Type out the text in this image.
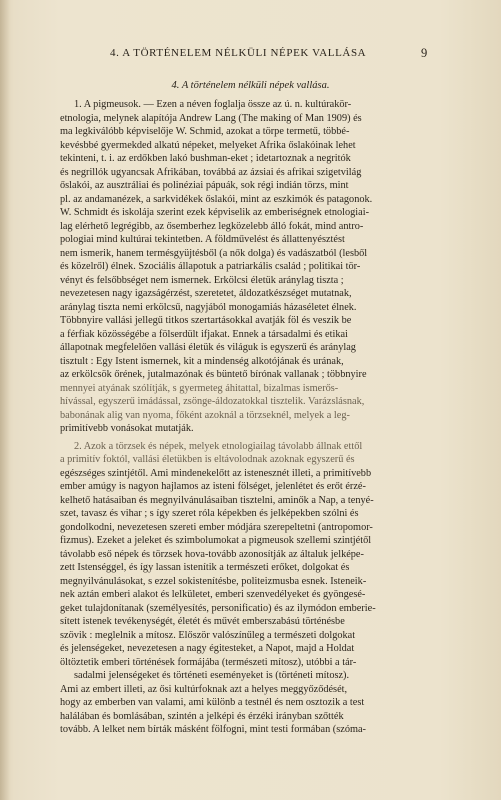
4. A TÖRTÉNELEM NÉLKÜLI NÉPEK VALLÁSA	9
4. A történelem nélküli népek vallása.
1. A pigmeusok. — Ezen a néven foglalja össze az ú. n. kultúrakör-
etnologia, melynek alapítója Andrew Lang (The making of Man 1909) és
ma legkiválóbb képviselője W. Schmid, azokat a törpe termetű, többé-
kevésbbé gyermekded alkatú népeket, melyeket Afrika őslakóinak lehet
tekinteni, t. i. az erdőkben lakó bushman-eket ; idetartoznak a negritók
és negrillók ugyancsak Afrikában, továbbá az ázsiai és afrikai szigetvilág
őslakói, az ausztráliai és polinéziai pápuák, sok régi indián törzs, mint
pl. az andamanézek, a sarkvidékek őslakói, mint az eszkimók és patagonok.
W. Schmidt és iskolája szerint ezek képviselik az emberiségnek etnologiai-
lag elérhető legrégibb, az ősemberhez legközelebb álló fokát, mind antro-
pologiai mind kultúrai tekintetben. A földművelést és állattenyésztést
nem ismerik, hanem termésgyüjtésből (a nők dolga) és vadászatból (lesből
és közelről) élnek. Szociális állapotuk a patriarkális család ; politikai tör-
vényt és felsőbbséget nem ismernek. Erkölcsi életük aránylag tiszta ;
nevezetesen nagy igazságérzést, szeretetet, áldozatkészséget mutatnak,
aránylag tiszta nemi erkölcsű, nagyjából monogamiás házaséletet élnek.
Többnyire vallási jellegű titkos szertartásokkal avatják föl és veszik be
a férfiak közösségébe a fölserdült ifjakat. Ennek a társadalmi és etikai
állapotnak megfelelően vallási életük és világuk is egyszerű és aránylag
tisztult : Egy Istent ismernek, kit a mindenség alkotójának és urának,
az erkölcsök őrének, jutalmazónak és büntető bírónak vallanak ; többnyire
mennyei atyának szólítják, s gyermeteg áhitattal, bizalmas ismerős-
hívással, egyszerű imádással, zsönge-áldozatokkal tisztelik. Varázslásnak,
babonának alig van nyoma, főként azoknál a törzseknél, melyek a leg-
primitívebb vonásokat mutatják.
2. Azok a törzsek és népek, melyek etnologiailag távolabb állnak ettől
a primitív foktól, vallási életükben is eltávolodnak azoknak egyszerű és
egészséges szintjétől. Ami mindenekelőtt az istenesznét illeti, a primitívebb
ember amúgy is nagyon hajlamos az isteni fölséget, jelenlétet és erőt érzé-
kelhető hatásaiban és megnyilvánulásaiban tisztelni, aminők a Nap, a tenyé-
szet, tavasz és vihar ; s így szeret róla képekben és jelképekben szólni és
gondolkodni, nevezetesen szereti ember módjára szerepeltetni (antropomor-
fizmus). Ezeket a jeleket és szimbolumokat a pigmeusok szellemi szintjétől
távolabb eső népek és törzsek hova-tovább azonosítják az általuk jelképe-
zett Istenséggel, és így lassan istenítik a természeti erőket, dolgokat és
megnyilvánulásokat, s ezzel sokistenítésbe, politeizmusba esnek. Isteneik-
nek aztán emberi alakot és lelkületet, emberi szenvedélyeket és gyöngesé-
geket tulajdonítanak (személyesítés, personificatio) és az ilymódon emberie-
sített istenek tevékenységét, életét és művét emberszabású történésbe
szövik : meglelnik a mítosz. Először valószínűleg a természeti dolgokat
és jelenségeket, nevezetesen a nagy égitesteket, a Napot, majd a Holdat
öltöztetik emberi történések formájába (természeti mítosz), utóbbi a tár-
sadalmi jelenségeket és történeti eseményeket is (történeti mítosz).
Ami az embert illeti, az ősi kultúrfoknak azt a helyes meggyőződését,
hogy az emberben van valami, ami különb a testnél és nem osztozik a test
halálában és bomlásában, szintén a jelképi és érzéki irányban szőtték
tovább. A lelket nem bírták másként fölfogni, mint testi formában (szóma-
